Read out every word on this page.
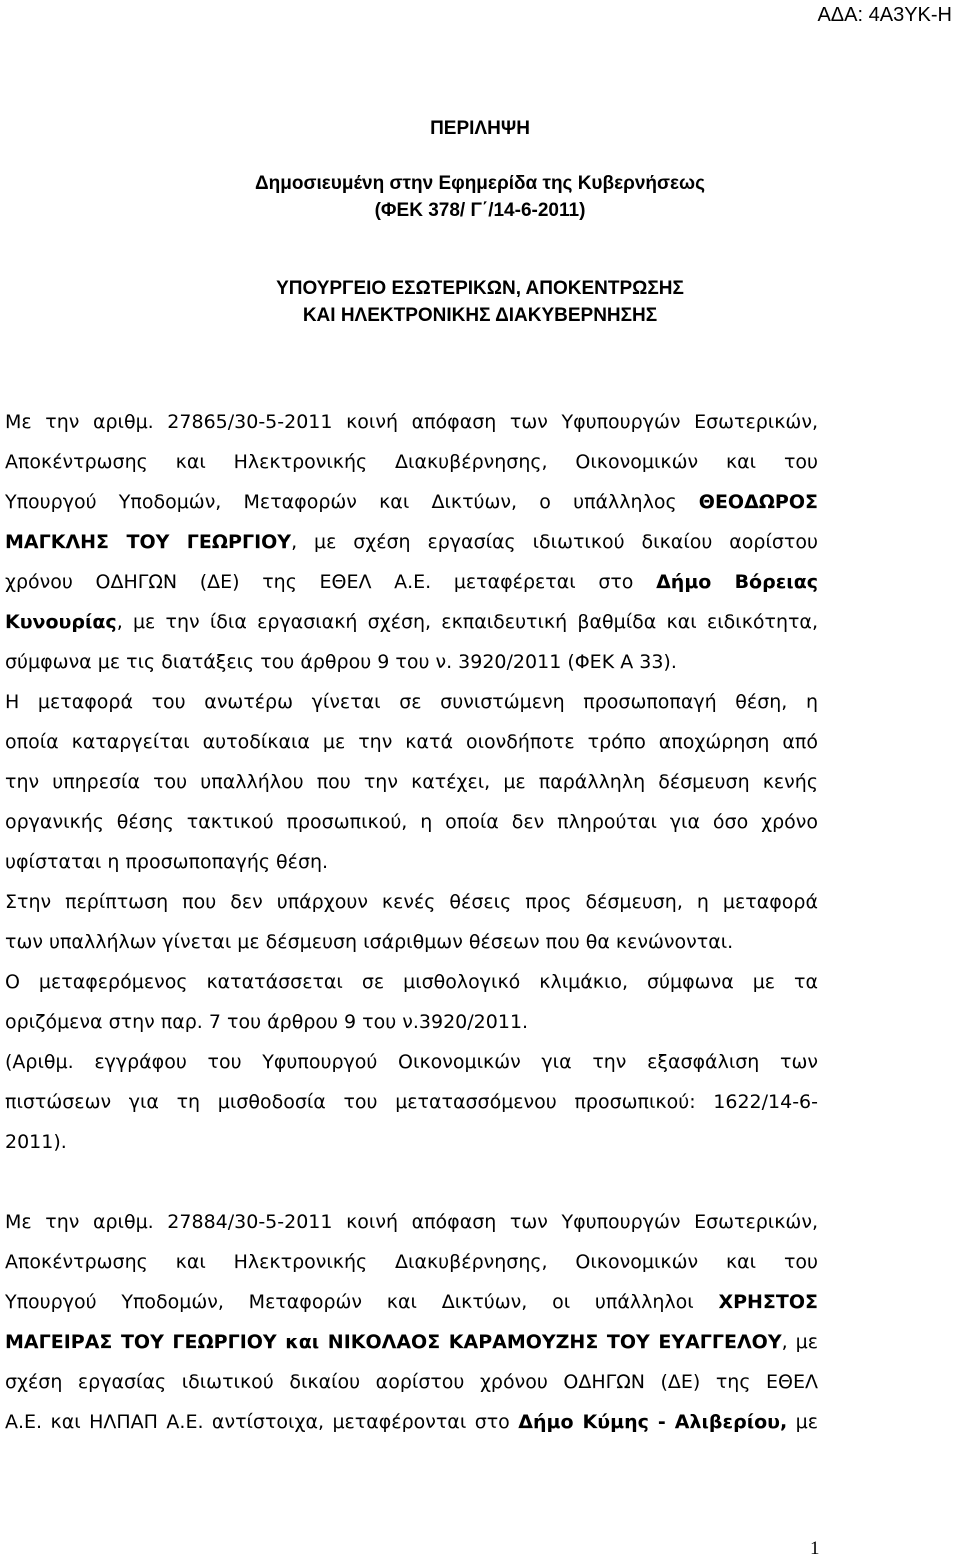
ΑΔΑ: 4Α3ΥΚ-Η
ΠΕΡΙΛΗΨΗ
Δημοσιευμένη στην Εφημερίδα της Κυβερνήσεως
(ΦΕΚ 378/ Γ΄/14-6-2011)
ΥΠΟΥΡΓΕΙΟ ΕΣΩΤΕΡΙΚΩΝ, ΑΠΟΚΕΝΤΡΩΣΗΣ
ΚΑΙ ΗΛΕΚΤΡΟΝΙΚΗΣ ΔΙΑΚΥΒΕΡΝΗΣΗΣ
Με την αριθμ. 27865/30-5-2011 κοινή απόφαση των Υφυπουργών Εσωτερικών,
Αποκέντρωσης και Ηλεκτρονικής Διακυβέρνησης, Οικονομικών και του
Υπουργού Υποδομών, Μεταφορών και Δικτύων, ο υπάλληλος ΘΕΟΔΩΡΟΣ
ΜΑΓΚΛΗΣ ΤΟΥ ΓΕΩΡΓΙΟΥ, με σχέση εργασίας ιδιωτικού δικαίου αορίστου
χρόνου ΟΔΗΓΩΝ (ΔΕ) της ΕΘΕΛ Α.Ε. μεταφέρεται στο Δήμο Βόρειας
Κυνουρίας, με την ίδια εργασιακή σχέση, εκπαιδευτική βαθμίδα και ειδικότητα,
σύμφωνα με τις διατάξεις του άρθρου 9 του ν. 3920/2011 (ΦΕΚ Α 33).
Η μεταφορά του ανωτέρω γίνεται σε συνιστώμενη προσωποπαγή θέση, η
οποία καταργείται αυτοδίκαια με την κατά οιονδήποτε τρόπο αποχώρηση από
την υπηρεσία του υπαλλήλου που την κατέχει, με παράλληλη δέσμευση κενής
οργανικής θέσης τακτικού προσωπικού, η οποία δεν πληρούται για όσο χρόνο
υφίσταται η προσωποπαγής θέση.
Στην περίπτωση που δεν υπάρχουν κενές θέσεις προς δέσμευση, η μεταφορά
των υπαλλήλων γίνεται με δέσμευση ισάριθμων θέσεων που θα κενώνονται.
Ο μεταφερόμενος κατατάσσεται σε μισθολογικό κλιμάκιο, σύμφωνα με τα
οριζόμενα στην παρ. 7 του άρθρου 9 του ν.3920/2011.
(Αριθμ. εγγράφου του Υφυπουργού Οικονομικών για την εξασφάλιση των
πιστώσεων για τη μισθοδοσία του μετατασσόμενου προσωπικού: 1622/14-6-
2011).
Με την αριθμ. 27884/30-5-2011 κοινή απόφαση των Υφυπουργών Εσωτερικών,
Αποκέντρωσης και Ηλεκτρονικής Διακυβέρνησης, Οικονομικών και του
Υπουργού Υποδομών, Μεταφορών και Δικτύων, οι υπάλληλοι ΧΡΗΣΤΟΣ
ΜΑΓΕΙΡΑΣ ΤΟΥ ΓΕΩΡΓΙΟΥ και ΝΙΚΟΛΑΟΣ ΚΑΡΑΜΟΥΖΗΣ ΤΟΥ ΕΥΑΓΓΕΛΟΥ, με
σχέση εργασίας ιδιωτικού δικαίου αορίστου χρόνου ΟΔΗΓΩΝ (ΔΕ) της ΕΘΕΛ
Α.Ε. και ΗΛΠΑΠ Α.Ε. αντίστοιχα, μεταφέρονται στο Δήμο Κύμης - Αλιβερίου, με
1
